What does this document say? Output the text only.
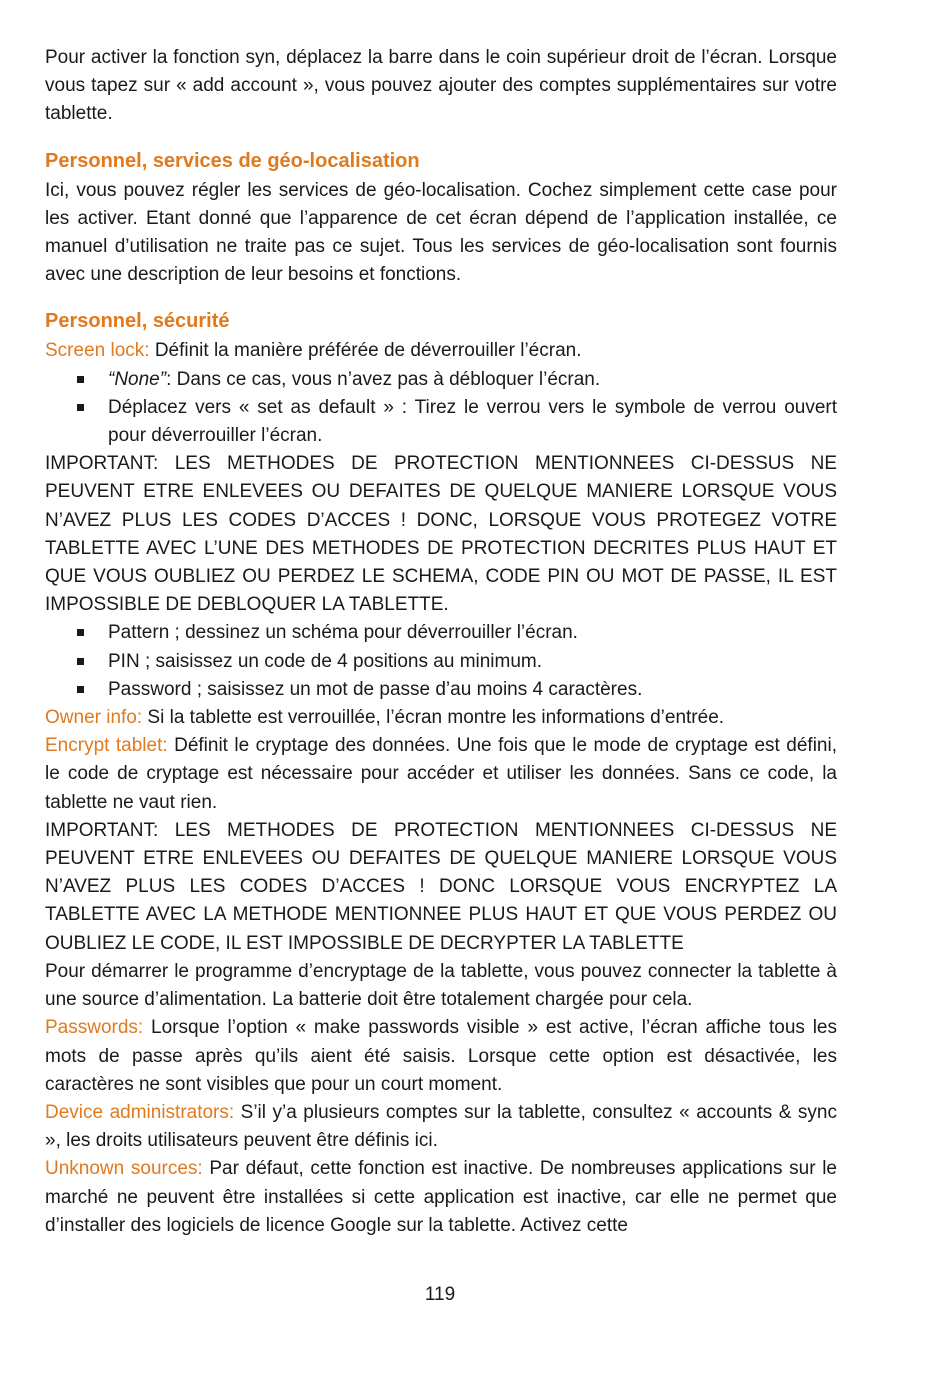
Pour activer la fonction syn, déplacez la barre dans le coin supérieur droit de l’écran. Lorsque vous tapez sur « add account », vous pouvez ajouter des comptes supplémentaires sur votre tablette.

Personnel, services de géo-localisation

Ici, vous pouvez régler les services de géo-localisation. Cochez simplement cette case pour les activer. Etant donné que l’apparence de cet écran dépend de l’application installée, ce manuel d’utilisation ne traite pas ce sujet. Tous les services de géo-localisation sont fournis avec une description de leur besoins et fonctions.

Personnel, sécurité

Screen lock: Définit la manière préférée de déverrouiller l’écran.

“None”: Dans ce cas, vous n’avez pas à débloquer l’écran.
Déplacez vers « set as default » : Tirez le verrou vers le symbole de verrou ouvert pour déverrouiller l’écran.

IMPORTANT: LES METHODES DE PROTECTION MENTIONNEES CI-DESSUS NE PEUVENT ETRE ENLEVEES OU DEFAITES DE QUELQUE MANIERE LORSQUE VOUS N’AVEZ PLUS LES CODES D’ACCES ! DONC, LORSQUE VOUS PROTEGEZ VOTRE TABLETTE AVEC L’UNE DES METHODES DE PROTECTION DECRITES PLUS HAUT ET QUE VOUS OUBLIEZ OU PERDEZ LE SCHEMA, CODE PIN OU MOT DE PASSE, IL EST IMPOSSIBLE DE DEBLOQUER LA TABLETTE.

Pattern ; dessinez un schéma pour déverrouiller l’écran.
PIN ; saisissez un code de 4 positions au minimum.
Password ; saisissez un mot de passe d’au moins 4 caractères.

Owner info: Si la tablette est verrouillée, l’écran montre les informations d’entrée.

Encrypt tablet: Définit le cryptage des données. Une fois que le mode de cryptage est défini, le code de cryptage est nécessaire pour accéder et utiliser les données. Sans ce code, la tablette ne vaut rien.

IMPORTANT: LES METHODES DE PROTECTION MENTIONNEES CI-DESSUS NE PEUVENT ETRE ENLEVEES OU DEFAITES DE QUELQUE MANIERE LORSQUE VOUS N’AVEZ PLUS LES CODES D’ACCES ! DONC LORSQUE VOUS ENCRYPTEZ LA TABLETTE AVEC LA METHODE MENTIONNEE PLUS HAUT ET QUE VOUS PERDEZ OU OUBLIEZ LE CODE, IL EST IMPOSSIBLE DE DECRYPTER LA TABLETTE

Pour démarrer le programme d’encryptage de la tablette, vous pouvez connecter la tablette à une source d’alimentation. La batterie doit être totalement chargée pour cela.

Passwords: Lorsque l’option « make passwords visible » est active, l’écran affiche tous les mots de passe après qu’ils aient été saisis. Lorsque cette option est désactivée, les caractères ne sont visibles que pour un court moment.

Device administrators: S’il y’a plusieurs comptes sur la tablette, consultez « accounts & sync », les droits utilisateurs peuvent être définis ici.

Unknown sources: Par défaut, cette fonction est inactive. De nombreuses applications sur le marché ne peuvent être installées si cette application est inactive, car elle ne permet que d’installer des logiciels de licence Google sur la tablette. Activez cette

119
